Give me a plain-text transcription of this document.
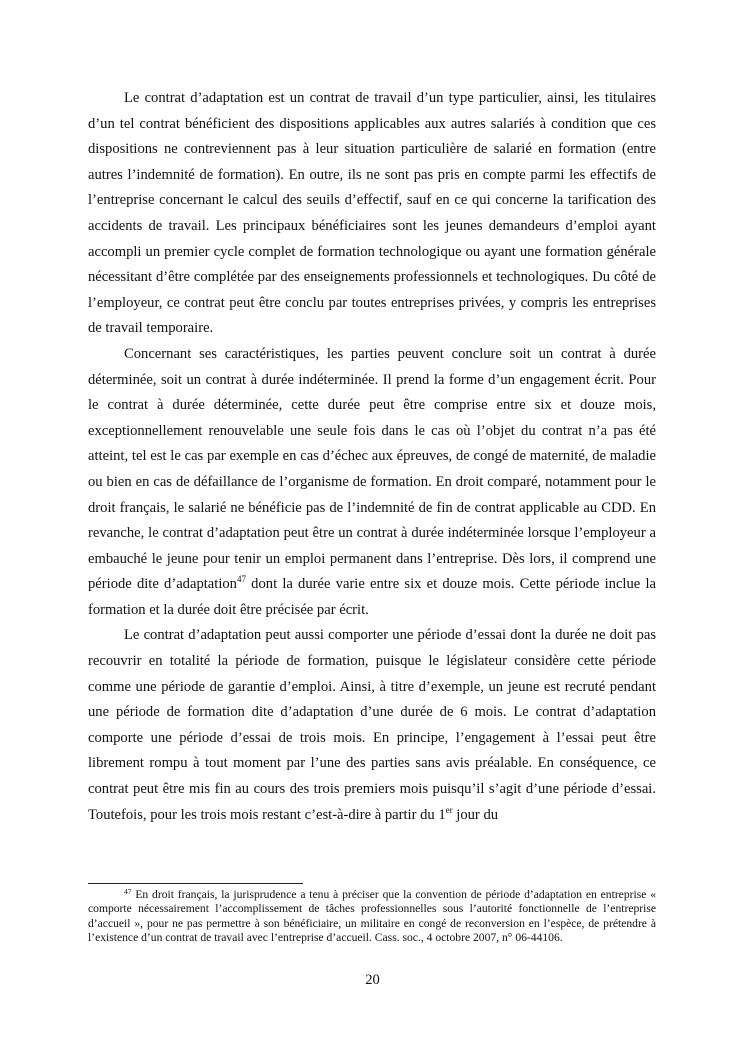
Le contrat d’adaptation est un contrat de travail d’un type particulier, ainsi, les titulaires d’un tel contrat bénéficient des dispositions applicables aux autres salariés à condition que ces dispositions ne contreviennent pas à leur situation particulière de salarié en formation (entre autres l’indemnité de formation). En outre, ils ne sont pas pris en compte parmi les effectifs de l’entreprise concernant le calcul des seuils d’effectif, sauf en ce qui concerne la tarification des accidents de travail. Les principaux bénéficiaires sont les jeunes demandeurs d’emploi ayant accompli un premier cycle complet de formation technologique ou ayant une formation générale nécessitant d’être complétée par des enseignements professionnels et technologiques. Du côté de l’employeur, ce contrat peut être conclu par toutes entreprises privées, y compris les entreprises de travail temporaire.

Concernant ses caractéristiques, les parties peuvent conclure soit un contrat à durée déterminée, soit un contrat à durée indéterminée. Il prend la forme d’un engagement écrit. Pour le contrat à durée déterminée, cette durée peut être comprise entre six et douze mois, exceptionnellement renouvelable une seule fois dans le cas où l’objet du contrat n’a pas été atteint, tel est le cas par exemple en cas d’échec aux épreuves, de congé de maternité, de maladie ou bien en cas de défaillance de l’organisme de formation. En droit comparé, notamment pour le droit français, le salarié ne bénéficie pas de l’indemnité de fin de contrat applicable au CDD. En revanche, le contrat d’adaptation peut être un contrat à durée indéterminée lorsque l’employeur a embauché le jeune pour tenir un emploi permanent dans l’entreprise. Dès lors, il comprend une période dite d’adaptation$^{47}$ dont la durée varie entre six et douze mois. Cette période inclue la formation et la durée doit être précisée par écrit.

Le contrat d’adaptation peut aussi comporter une période d’essai dont la durée ne doit pas recouvrir en totalité la période de formation, puisque le législateur considère cette période comme une période de garantie d’emploi. Ainsi, à titre d’exemple, un jeune est recruté pendant une période de formation dite d’adaptation d’une durée de 6 mois. Le contrat d’adaptation comporte une période d’essai de trois mois. En principe, l’engagement à l’essai peut être librement rompu à tout moment par l’une des parties sans avis préalable. En conséquence, ce contrat peut être mis fin au cours des trois premiers mois puisqu’il s’agit d’une période d’essai. Toutefois, pour les trois mois restant c’est-à-dire à partir du 1er jour du

$^{47}$ En droit français, la jurisprudence a tenu à préciser que la convention de période d’adaptation en entreprise « comporte nécessairement l’accomplissement de tâches professionnelles sous l’autorité fonctionnelle de l’entreprise d’accueil », pour ne pas permettre à son bénéficiaire, un militaire en congé de reconversion en l’espèce, de prétendre à l’existence d’un contrat de travail avec l’entreprise d’accueil. Cass. soc., 4 octobre 2007, n° 06-44106.

20
